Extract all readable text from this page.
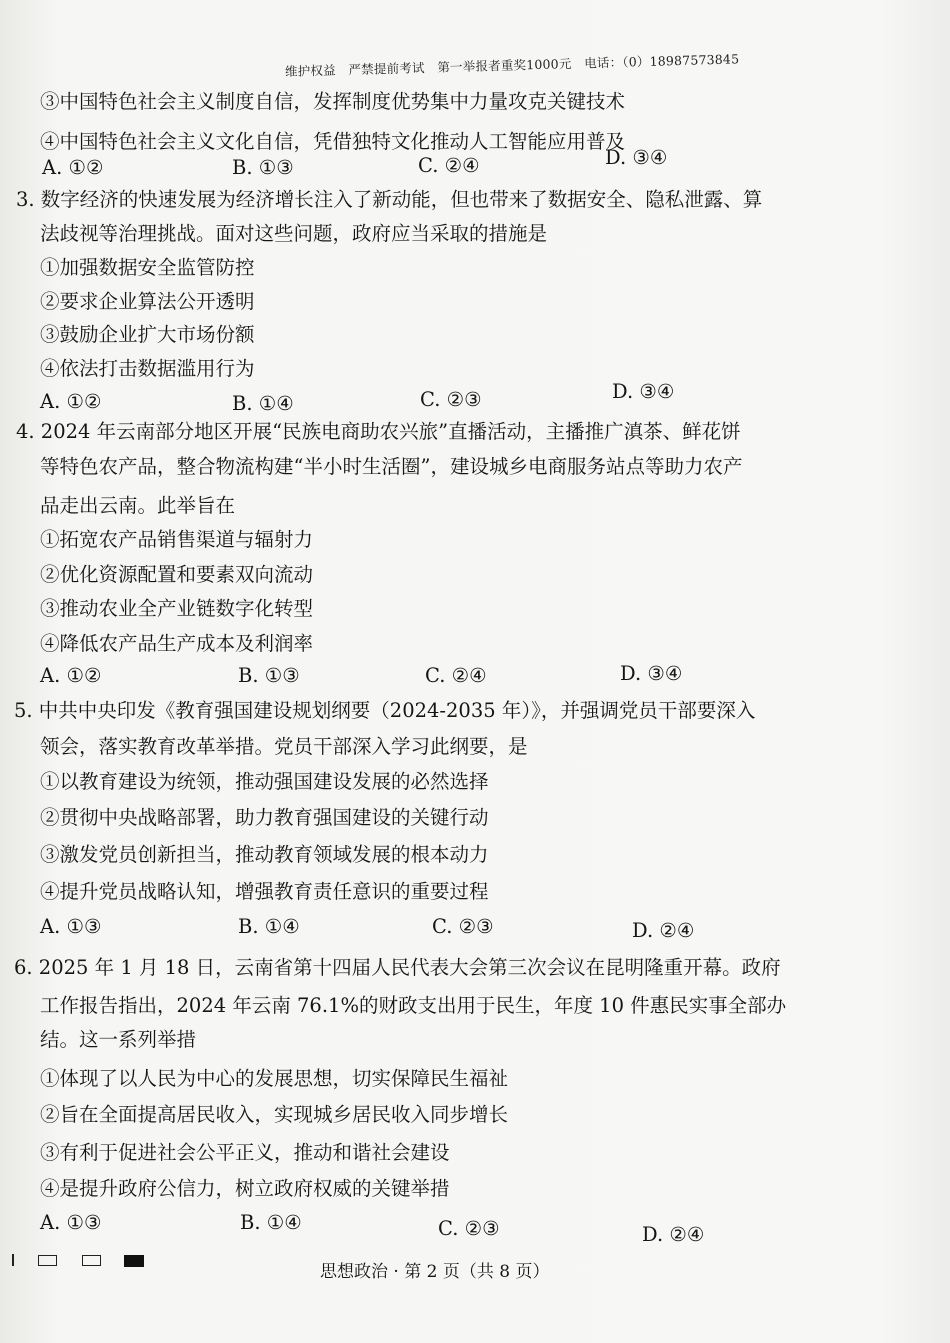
维护权益　严禁提前考试　第一举报者重奖1000元　电话：（0）18987573845
③中国特色社会主义制度自信，发挥制度优势集中力量攻克关键技术
④中国特色社会主义文化自信，凭借独特文化推动人工智能应用普及
A. ①②	B. ①③	C. ②④	D. ③④
3. 数字经济的快速发展为经济增长注入了新动能，但也带来了数据安全、隐私泄露、算
法歧视等治理挑战。面对这些问题，政府应当采取的措施是
①加强数据安全监管防控
②要求企业算法公开透明
③鼓励企业扩大市场份额
④依法打击数据滥用行为
A. ①②	B. ①④	C. ②③	D. ③④
4. 2024 年云南部分地区开展“民族电商助农兴旅”直播活动，主播推广滇茶、鲜花饼
等特色农产品，整合物流构建“半小时生活圈”，建设城乡电商服务站点等助力农产
品走出云南。此举旨在
①拓宽农产品销售渠道与辐射力
②优化资源配置和要素双向流动
③推动农业全产业链数字化转型
④降低农产品生产成本及利润率
A. ①②	B. ①③	C. ②④	D. ③④
5. 中共中央印发《教育强国建设规划纲要（2024-2035 年）》，并强调党员干部要深入
领会，落实教育改革举措。党员干部深入学习此纲要，是
①以教育建设为统领，推动强国建设发展的必然选择
②贯彻中央战略部署，助力教育强国建设的关键行动
③激发党员创新担当，推动教育领域发展的根本动力
④提升党员战略认知，增强教育责任意识的重要过程
A. ①③	B. ①④	C. ②③	D. ②④
6. 2025 年 1 月 18 日，云南省第十四届人民代表大会第三次会议在昆明隆重开幕。政府
工作报告指出，2024 年云南 76.1%的财政支出用于民生，年度 10 件惠民实事全部办
结。这一系列举措
①体现了以人民为中心的发展思想，切实保障民生福祉
②旨在全面提高居民收入，实现城乡居民收入同步增长
③有利于促进社会公平正义，推动和谐社会建设
④是提升政府公信力，树立政府权威的关键举措
A. ①③	B. ①④	C. ②③	D. ②④
思想政治 · 第 2 页（共 8 页）
